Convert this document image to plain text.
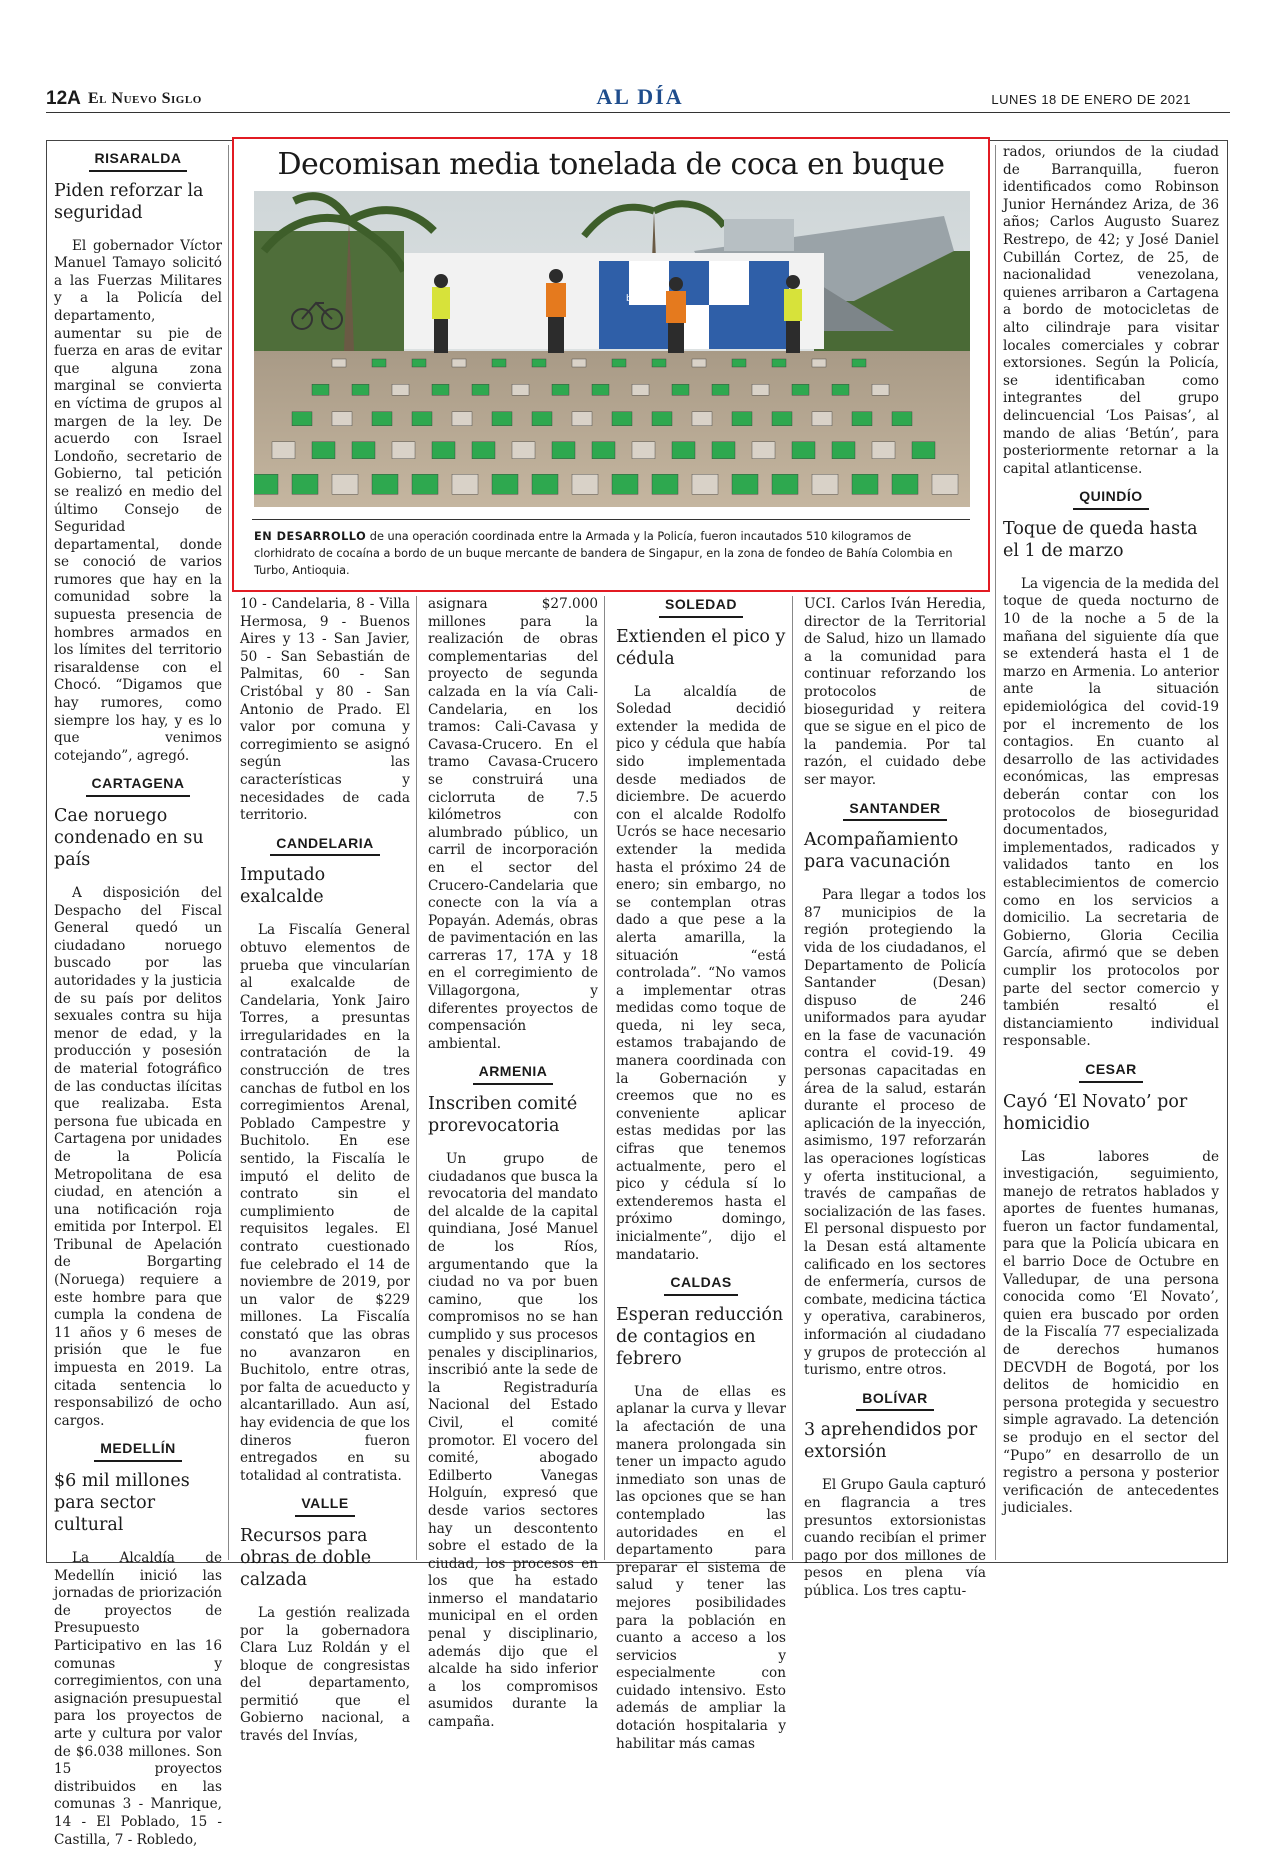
12A El Nuevo Siglo	AL DÍA	LUNES 18 DE ENERO DE 2021
RISARALDA
Piden reforzar la seguridad

El gobernador Víctor Manuel Tamayo solicitó a las Fuerzas Militares y a la Policía del departamento, aumentar su pie de fuerza en aras de evitar que alguna zona marginal se convierta en víctima de grupos al margen de la ley. De acuerdo con Israel Londoño, secretario de Gobierno, tal petición se realizó en medio del último Consejo de Seguridad departamental, donde se conoció de varios rumores que hay en la comunidad sobre la supuesta presencia de hombres armados en los límites del territorio risaraldense con el Chocó. “Digamos que hay rumores, como siempre los hay, y es lo que venimos cotejando”, agregó.

CARTAGENA
Cae noruego condenado en su país

A disposición del Despacho del Fiscal General quedó un ciudadano noruego buscado por las autoridades y la justicia de su país por delitos sexuales contra su hija menor de edad, y la producción y posesión de material fotográfico de las conductas ilícitas que realizaba. Esta persona fue ubicada en Cartagena por unidades de la Policía Metropolitana de esa ciudad, en atención a una notificación roja emitida por Interpol. El Tribunal de Apelación de Borgarting (Noruega) requiere a este hombre para que cumpla la condena de 11 años y 6 meses de prisión que le fue impuesta en 2019. La citada sentencia lo responsabilizó de ocho cargos.

MEDELLÍN
$6 mil millones para sector cultural

La Alcaldía de Medellín inició las jornadas de priorización de proyectos de Presupuesto Participativo en las 16 comunas y corregimientos, con una asignación presupuestal para los proyectos de arte y cultura por valor de $6.038 millones. Son 15 proyectos distribuidos en las comunas 3 - Manrique, 14 - El Poblado, 15 - Castilla, 7 - Robledo,

Decomisan media tonelada de coca en buque
bandera
EN DESARROLLO de una operación coordinada entre la Armada y la Policía, fueron incautados 510 kilogramos de clorhidrato de cocaína a bordo de un buque mercante de bandera de Singapur, en la zona de fondeo de Bahía Colombia en Turbo, Antioquia.

10 - Candelaria, 8 - Villa Hermosa, 9 - Buenos Aires y 13 - San Javier, 50 - San Sebastián de Palmitas, 60 - San Cristóbal y 80 - San Antonio de Prado. El valor por comuna y corregimiento se asignó según las características y necesidades de cada territorio.

CANDELARIA
Imputado exalcalde

La Fiscalía General obtuvo elementos de prueba que vincularían al exalcalde de Candelaria, Yonk Jairo Torres, a presuntas irregularidades en la contratación de la construcción de tres canchas de futbol en los corregimientos Arenal, Poblado Campestre y Buchitolo. En ese sentido, la Fiscalía le imputó el delito de contrato sin el cumplimiento de requisitos legales. El contrato cuestionado fue celebrado el 14 de noviembre de 2019, por un valor de $229 millones. La Fiscalía constató que las obras no avanzaron en Buchitolo, entre otras, por falta de acueducto y alcantarillado. Aun así, hay evidencia de que los dineros fueron entregados en su totalidad al contratista.

VALLE
Recursos para obras de doble calzada

La gestión realizada por la gobernadora Clara Luz Roldán y el bloque de congresistas del departamento, permitió que el Gobierno nacional, a través del Invías,

asignara $27.000 millones para la realización de obras complementarias del proyecto de segunda calzada en la vía Cali-Candelaria, en los tramos: Cali-Cavasa y Cavasa-Crucero. En el tramo Cavasa-Crucero se construirá una ciclorruta de 7.5 kilómetros con alumbrado público, un carril de incorporación en el sector del Crucero-Candelaria que conecte con la vía a Popayán. Además, obras de pavimentación en las carreras 17, 17A y 18 en el corregimiento de Villagorgona, y diferentes proyectos de compensación ambiental.

ARMENIA
Inscriben comité prorevocatoria

Un grupo de ciudadanos que busca la revocatoria del mandato del alcalde de la capital quindiana, José Manuel de los Ríos, argumentando que la ciudad no va por buen camino, que los compromisos no se han cumplido y sus procesos penales y disciplinarios, inscribió ante la sede de la Registraduría Nacional del Estado Civil, el comité promotor. El vocero del comité, abogado Edilberto Vanegas Holguín, expresó que desde varios sectores hay un descontento sobre el estado de la ciudad, los procesos en los que ha estado inmerso el mandatario municipal en el orden penal y disciplinario, además dijo que el alcalde ha sido inferior a los compromisos asumidos durante la campaña.

SOLEDAD
Extienden el pico y cédula

La alcaldía de Soledad decidió extender la medida de pico y cédula que había sido implementada desde mediados de diciembre. De acuerdo con el alcalde Rodolfo Ucrós se hace necesario extender la medida hasta el próximo 24 de enero; sin embargo, no se contemplan otras dado a que pese a la alerta amarilla, la situación “está controlada”. “No vamos a implementar otras medidas como toque de queda, ni ley seca, estamos trabajando de manera coordinada con la Gobernación y creemos que no es conveniente aplicar estas medidas por las cifras que tenemos actualmente, pero el pico y cédula sí lo extenderemos hasta el próximo domingo, inicialmente”, dijo el mandatario.

CALDAS
Esperan reducción de contagios en febrero

Una de ellas es aplanar la curva y llevar la afectación de una manera prolongada sin tener un impacto agudo inmediato son unas de las opciones que se han contemplado las autoridades en el departamento para preparar el sistema de salud y tener las mejores posibilidades para la población en cuanto a acceso a los servicios y especialmente con cuidado intensivo. Esto además de ampliar la dotación hospitalaria y habilitar más camas

UCI. Carlos Iván Heredia, director de la Territorial de Salud, hizo un llamado a la comunidad para continuar reforzando los protocolos de bioseguridad y reitera que se sigue en el pico de la pandemia. Por tal razón, el cuidado debe ser mayor.

SANTANDER
Acompañamiento para vacunación

Para llegar a todos los 87 municipios de la región protegiendo la vida de los ciudadanos, el Departamento de Policía Santander (Desan) dispuso de 246 uniformados para ayudar en la fase de vacunación contra el covid-19. 49 personas capacitadas en área de la salud, estarán durante el proceso de aplicación de la inyección, asimismo, 197 reforzarán las operaciones logísticas y oferta institucional, a través de campañas de socialización de las fases. El personal dispuesto por la Desan está altamente calificado en los sectores de enfermería, cursos de combate, medicina táctica y operativa, carabineros, información al ciudadano y grupos de protección al turismo, entre otros.

BOLÍVAR
3 aprehendidos por extorsión

El Grupo Gaula capturó en flagrancia a tres presuntos extorsionistas cuando recibían el primer pago por dos millones de pesos en plena vía pública. Los tres captu-

rados, oriundos de la ciudad de Barranquilla, fueron identificados como Robinson Junior Hernández Ariza, de 36 años; Carlos Augusto Suarez Restrepo, de 42; y José Daniel Cubillán Cortez, de 25, de nacionalidad venezolana, quienes arribaron a Cartagena a bordo de motocicletas de alto cilindraje para visitar locales comerciales y cobrar extorsiones. Según la Policía, se identificaban como integrantes del grupo delincuencial ‘Los Paisas’, al mando de alias ‘Betún’, para posteriormente retornar a la capital atlanticense.

QUINDÍO
Toque de queda hasta el 1 de marzo

La vigencia de la medida del toque de queda nocturno de 10 de la noche a 5 de la mañana del siguiente día que se extenderá hasta el 1 de marzo en Armenia. Lo anterior ante la situación epidemiológica del covid-19 por el incremento de los contagios. En cuanto al desarrollo de las actividades económicas, las empresas deberán contar con los protocolos de bioseguridad documentados, implementados, radicados y validados tanto en los establecimientos de comercio como en los servicios a domicilio. La secretaria de Gobierno, Gloria Cecilia García, afirmó que se deben cumplir los protocolos por parte del sector comercio y también resaltó el distanciamiento individual responsable.

CESAR
Cayó ‘El Novato’ por homicidio

Las labores de investigación, seguimiento, manejo de retratos hablados y aportes de fuentes humanas, fueron un factor fundamental, para que la Policía ubicara en el barrio Doce de Octubre en Valledupar, de una persona conocida como ‘El Novato’, quien era buscado por orden de la Fiscalía 77 especializada de derechos humanos DECVDH de Bogotá, por los delitos de homicidio en persona protegida y secuestro simple agravado. La detención se produjo en el sector del “Pupo” en desarrollo de un registro a persona y posterior verificación de antecedentes judiciales.
